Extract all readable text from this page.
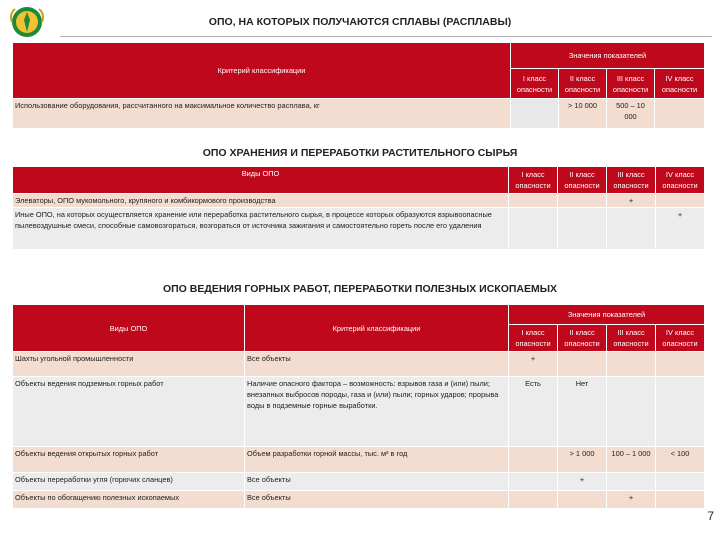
ОПО, НА КОТОРЫХ ПОЛУЧАЮТСЯ СПЛАВЫ (РАСПЛАВЫ)
Критерий классификации	Значения показателей			
	I класс опасности	II класс опасности	III класс опасности	IV класс опасности
Использование оборудования, рассчитанного на максимальное количество расплава, кг		> 10 000	500 – 10 000	
ОПО ХРАНЕНИЯ И ПЕРЕРАБОТКИ РАСТИТЕЛЬНОГО СЫРЬЯ
Виды ОПО	I класс опасности	II класс опасности	III класс опасности	IV класс опасности
Элеваторы, ОПО мукомольного, крупяного и комбикормового производства			+	
Иные ОПО, на которых осуществляется хранение или переработка растительного сырья, в процессе которых образуются взрывоопасные пылевоздушные смеси, способные самовозгораться, возгораться от источника зажигания и самостоятельно гореть после его удаления				+
ОПО ВЕДЕНИЯ ГОРНЫХ РАБОТ, ПЕРЕРАБОТКИ ПОЛЕЗНЫХ ИСКОПАЕМЫХ
Виды ОПО	Критерий классификации	Значения показателей			
		I класс опасности	II класс опасности	III класс опасности	IV класс опасности
Шахты угольной промышленности	Все объекты	+			
Объекты ведения подземных горных работ	Наличие опасного фактора – возможность: взрывов газа и (или) пыли; внезапных выбросов породы, газа и (или) пыли; горных ударов; прорыва воды в подземные горные выработки.	Есть	Нет		
Объекты ведения открытых горных работ	Объем разработки горной массы, тыс. м³ в год		> 1 000	100 – 1 000	< 100
Объекты переработки угля (горючих сланцев)	Все объекты		+		
Объекты по обогащению полезных ископаемых	Все объекты			+	
7
